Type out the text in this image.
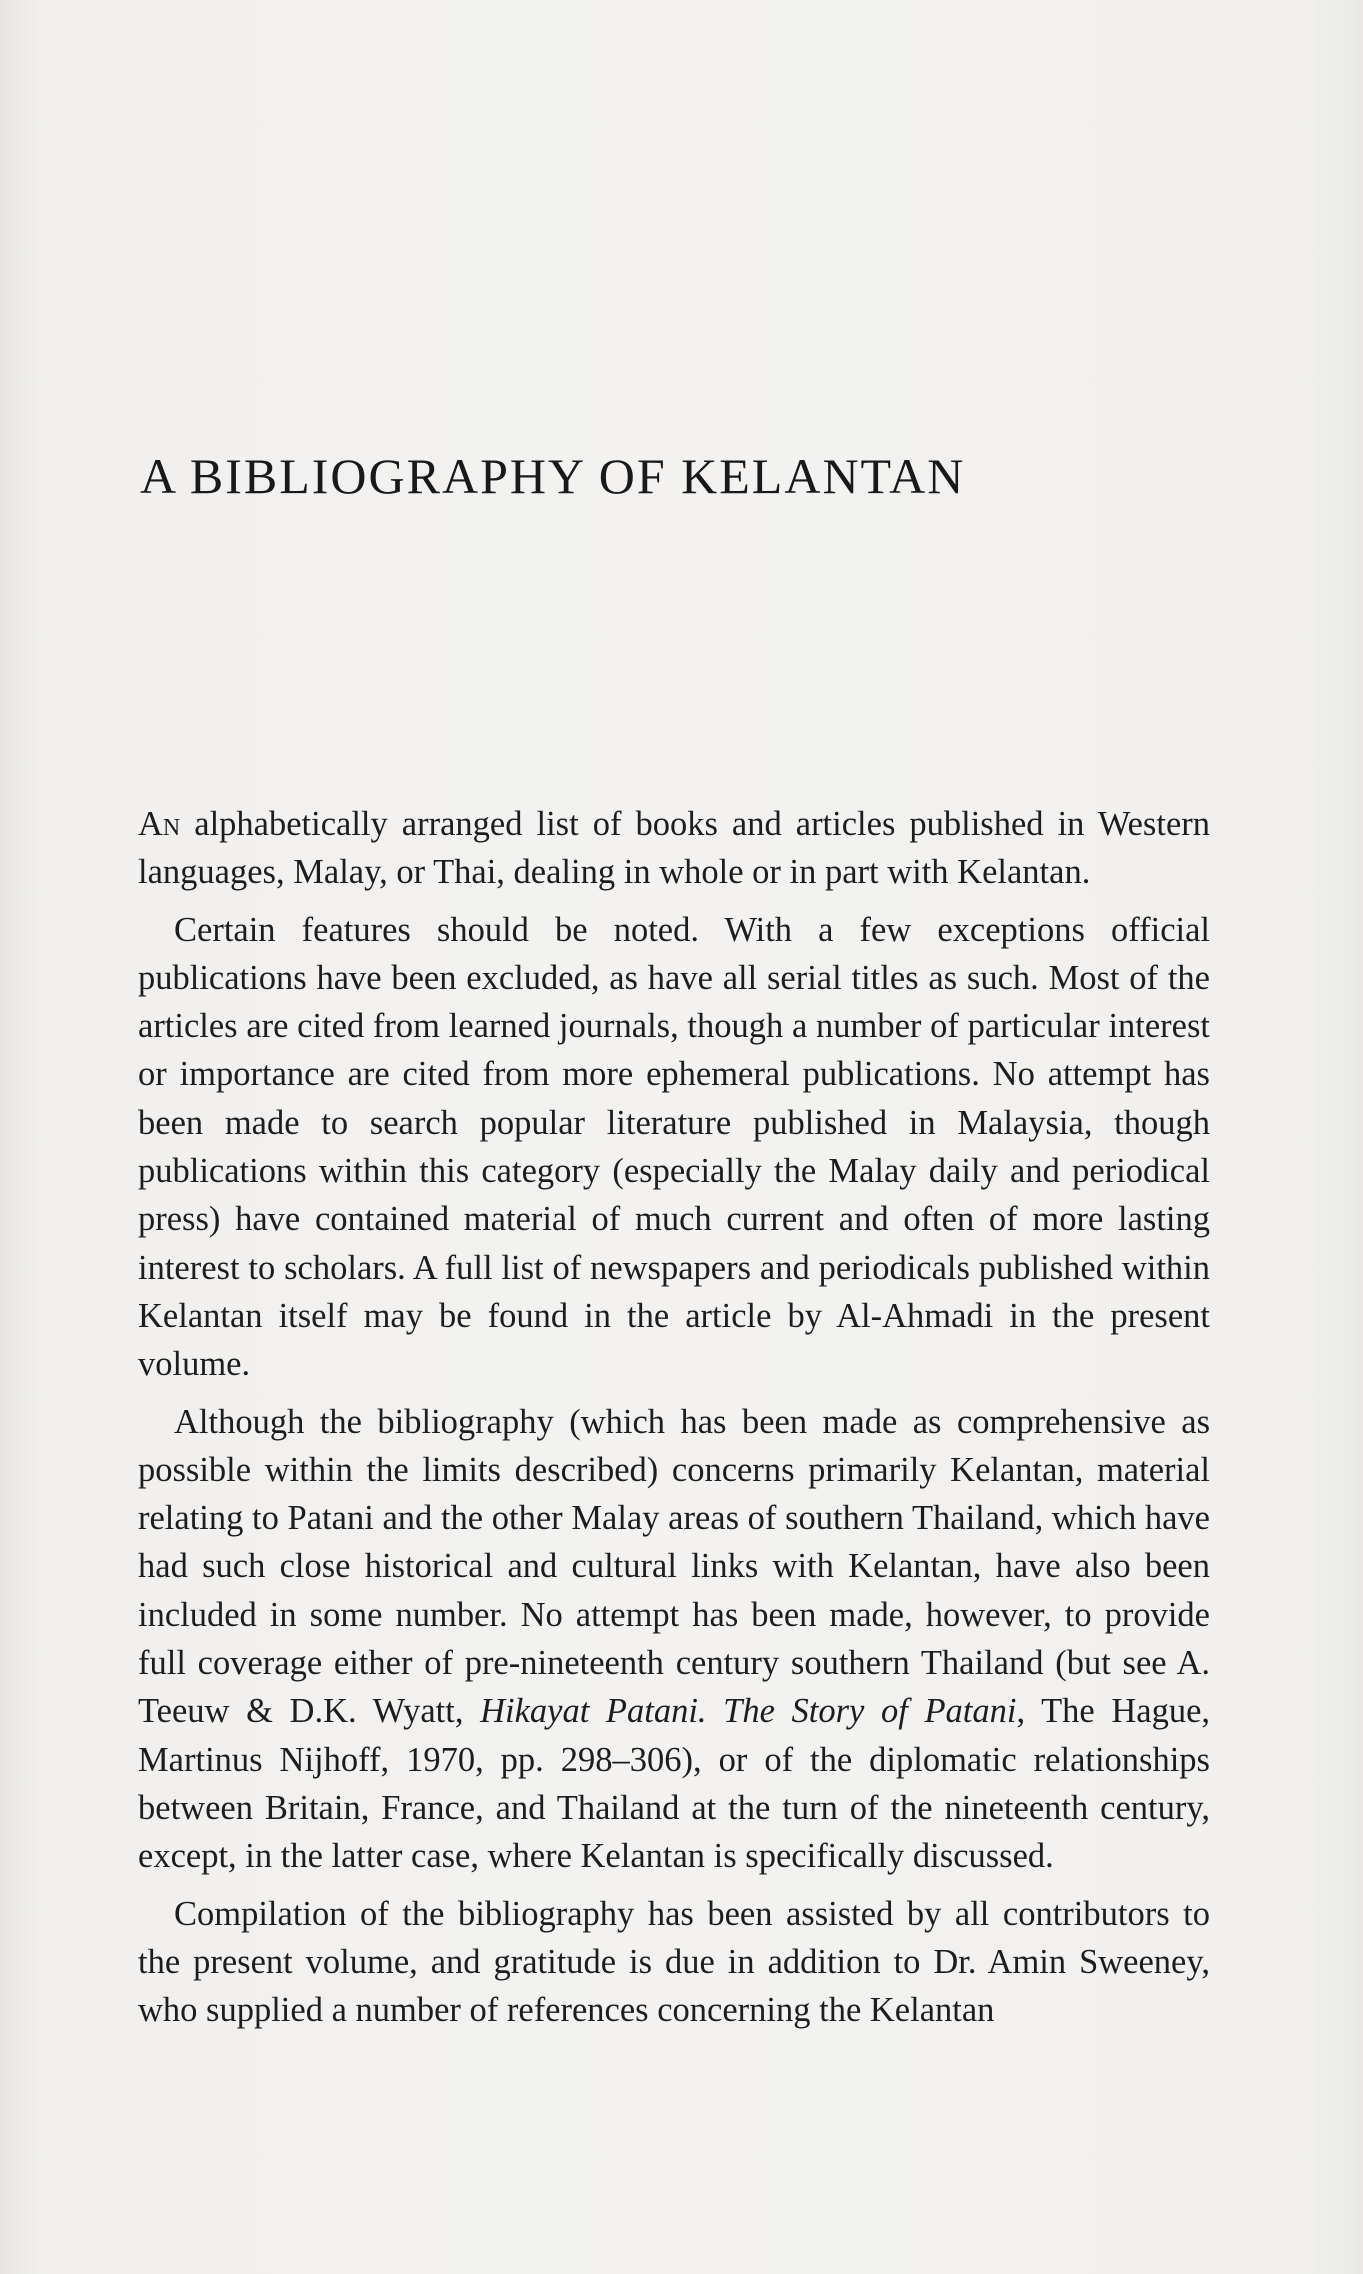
A BIBLIOGRAPHY OF KELANTAN

An alphabetically arranged list of books and articles published in Western languages, Malay, or Thai, dealing in whole or in part with Kelantan.

Certain features should be noted. With a few exceptions official publications have been excluded, as have all serial titles as such. Most of the articles are cited from learned journals, though a number of particular interest or importance are cited from more ephemeral publications. No attempt has been made to search popular literature published in Malaysia, though publications within this category (especially the Malay daily and periodical press) have contained material of much current and often of more lasting interest to scholars. A full list of newspapers and periodicals published within Kelantan itself may be found in the article by Al-Ahmadi in the present volume.

Although the bibliography (which has been made as comprehensive as possible within the limits described) concerns primarily Kelantan, material relating to Patani and the other Malay areas of southern Thailand, which have had such close historical and cultural links with Kelantan, have also been included in some number. No attempt has been made, however, to provide full coverage either of pre-nineteenth century southern Thailand (but see A. Teeuw & D.K. Wyatt, Hikayat Patani. The Story of Patani, The Hague, Martinus Nijhoff, 1970, pp. 298–306), or of the diplomatic relationships between Britain, France, and Thailand at the turn of the nineteenth century, except, in the latter case, where Kelantan is specifically discussed.

Compilation of the bibliography has been assisted by all contributors to the present volume, and gratitude is due in addition to Dr. Amin Sweeney, who supplied a number of references concerning the Kelantan
